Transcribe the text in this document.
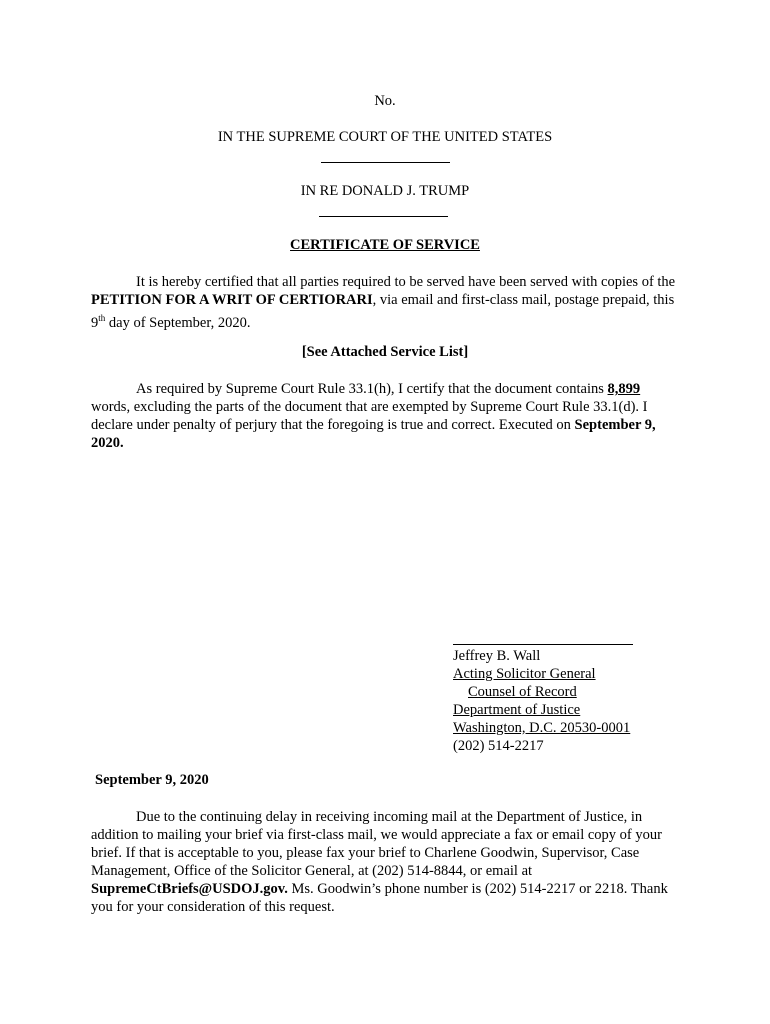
No.
IN THE SUPREME COURT OF THE UNITED STATES
IN RE DONALD J. TRUMP
CERTIFICATE OF SERVICE
It is hereby certified that all parties required to be served have been served with copies of the PETITION FOR A WRIT OF CERTIORARI, via email and first-class mail, postage prepaid, this 9th day of September, 2020.
[See Attached Service List]
As required by Supreme Court Rule 33.1(h), I certify that the document contains 8,899 words, excluding the parts of the document that are exempted by Supreme Court Rule 33.1(d). I declare under penalty of perjury that the foregoing is true and correct. Executed on September 9, 2020.
Jeffrey B. Wall
Acting Solicitor General
Counsel of Record
Department of Justice
Washington, D.C. 20530-0001
(202) 514-2217
September 9, 2020
Due to the continuing delay in receiving incoming mail at the Department of Justice, in addition to mailing your brief via first-class mail, we would appreciate a fax or email copy of your brief. If that is acceptable to you, please fax your brief to Charlene Goodwin, Supervisor, Case Management, Office of the Solicitor General, at (202) 514-8844, or email at SupremeCtBriefs@USDOJ.gov. Ms. Goodwin’s phone number is (202) 514-2217 or 2218. Thank you for your consideration of this request.
